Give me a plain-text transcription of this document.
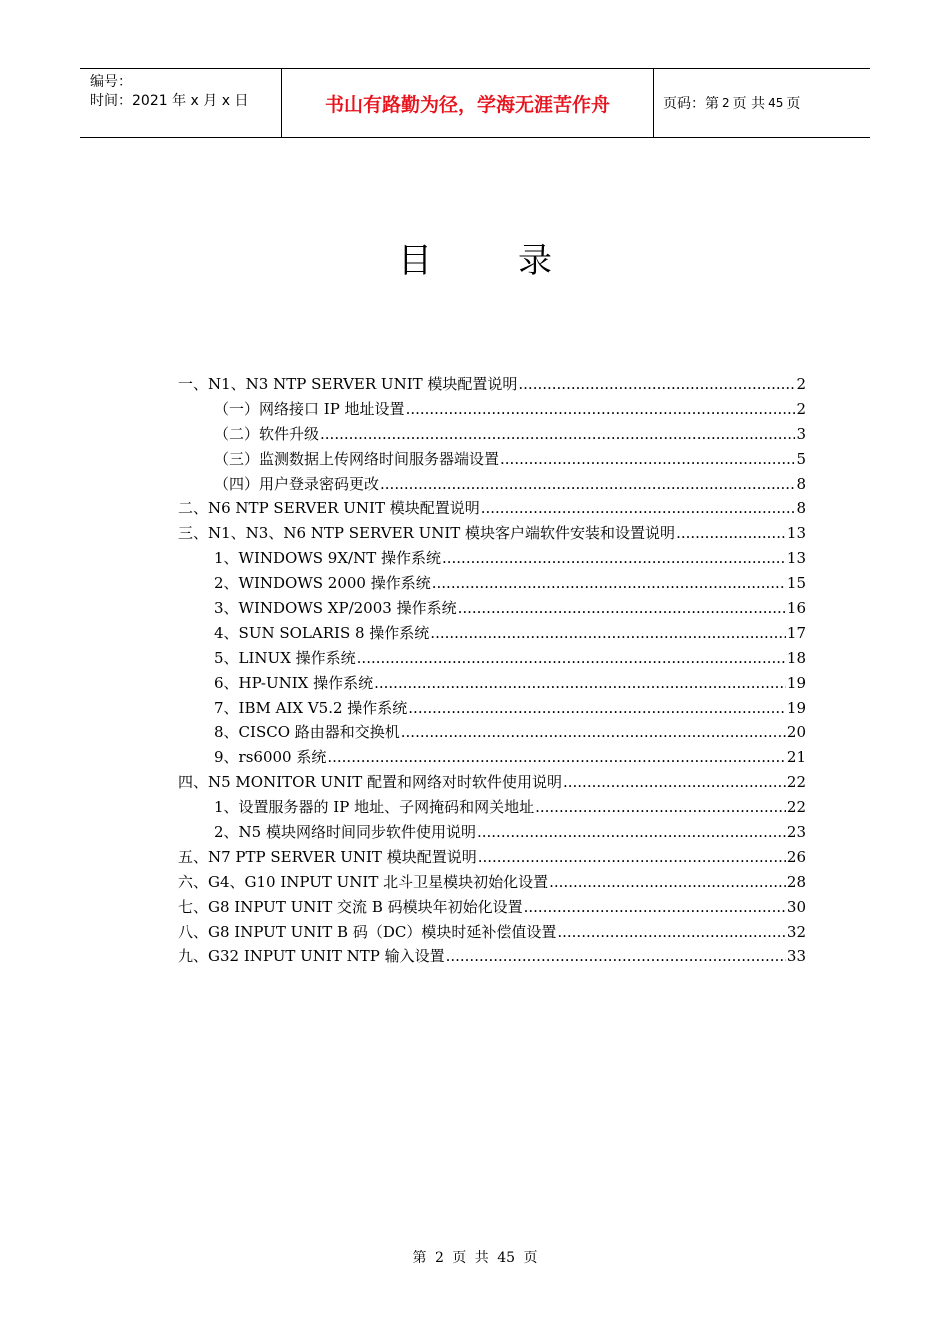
编号：
时间：2021 年 x 月 x 日	书山有路勤为径，学海无涯苦作舟	页码：第 2 页 共 45 页
目录
一、N1、N3 NTP SERVER UNIT 模块配置说明 .....	2
（一）网络接口 IP 地址设置 .....	2
（二）软件升级 .....	3
（三）监测数据上传网络时间服务器端设置 .....	5
（四）用户登录密码更改 .....	8
二、N6 NTP SERVER UNIT 模块配置说明 .....	8
三、N1、N3、N6 NTP SERVER UNIT 模块客户端软件安装和设置说明 .....	13
1、WINDOWS 9X/NT 操作系统 .....	13
2、WINDOWS 2000 操作系统 .....	15
3、WINDOWS XP/2003 操作系统 .....	16
4、SUN SOLARIS 8 操作系统 .....	17
5、LINUX 操作系统 .....	18
6、HP-UNIX 操作系统 .....	19
7、IBM AIX V5.2 操作系统 .....	19
8、CISCO 路由器和交换机 .....	20
9、rs6000 系统 .....	21
四、N5 MONITOR UNIT 配置和网络对时软件使用说明 .....	22
1、设置服务器的 IP 地址、子网掩码和网关地址 .....	22
2、N5 模块网络时间同步软件使用说明 .....	23
五、N7 PTP SERVER UNIT 模块配置说明 .....	26
六、G4、G10 INPUT UNIT 北斗卫星模块初始化设置 .....	28
七、G8 INPUT UNIT 交流 B 码模块年初始化设置 .....	30
八、G8 INPUT UNIT B 码（DC）模块时延补偿值设置 .....	32
九、G32 INPUT UNIT NTP 输入设置 .....	33
第 2 页 共 45 页
